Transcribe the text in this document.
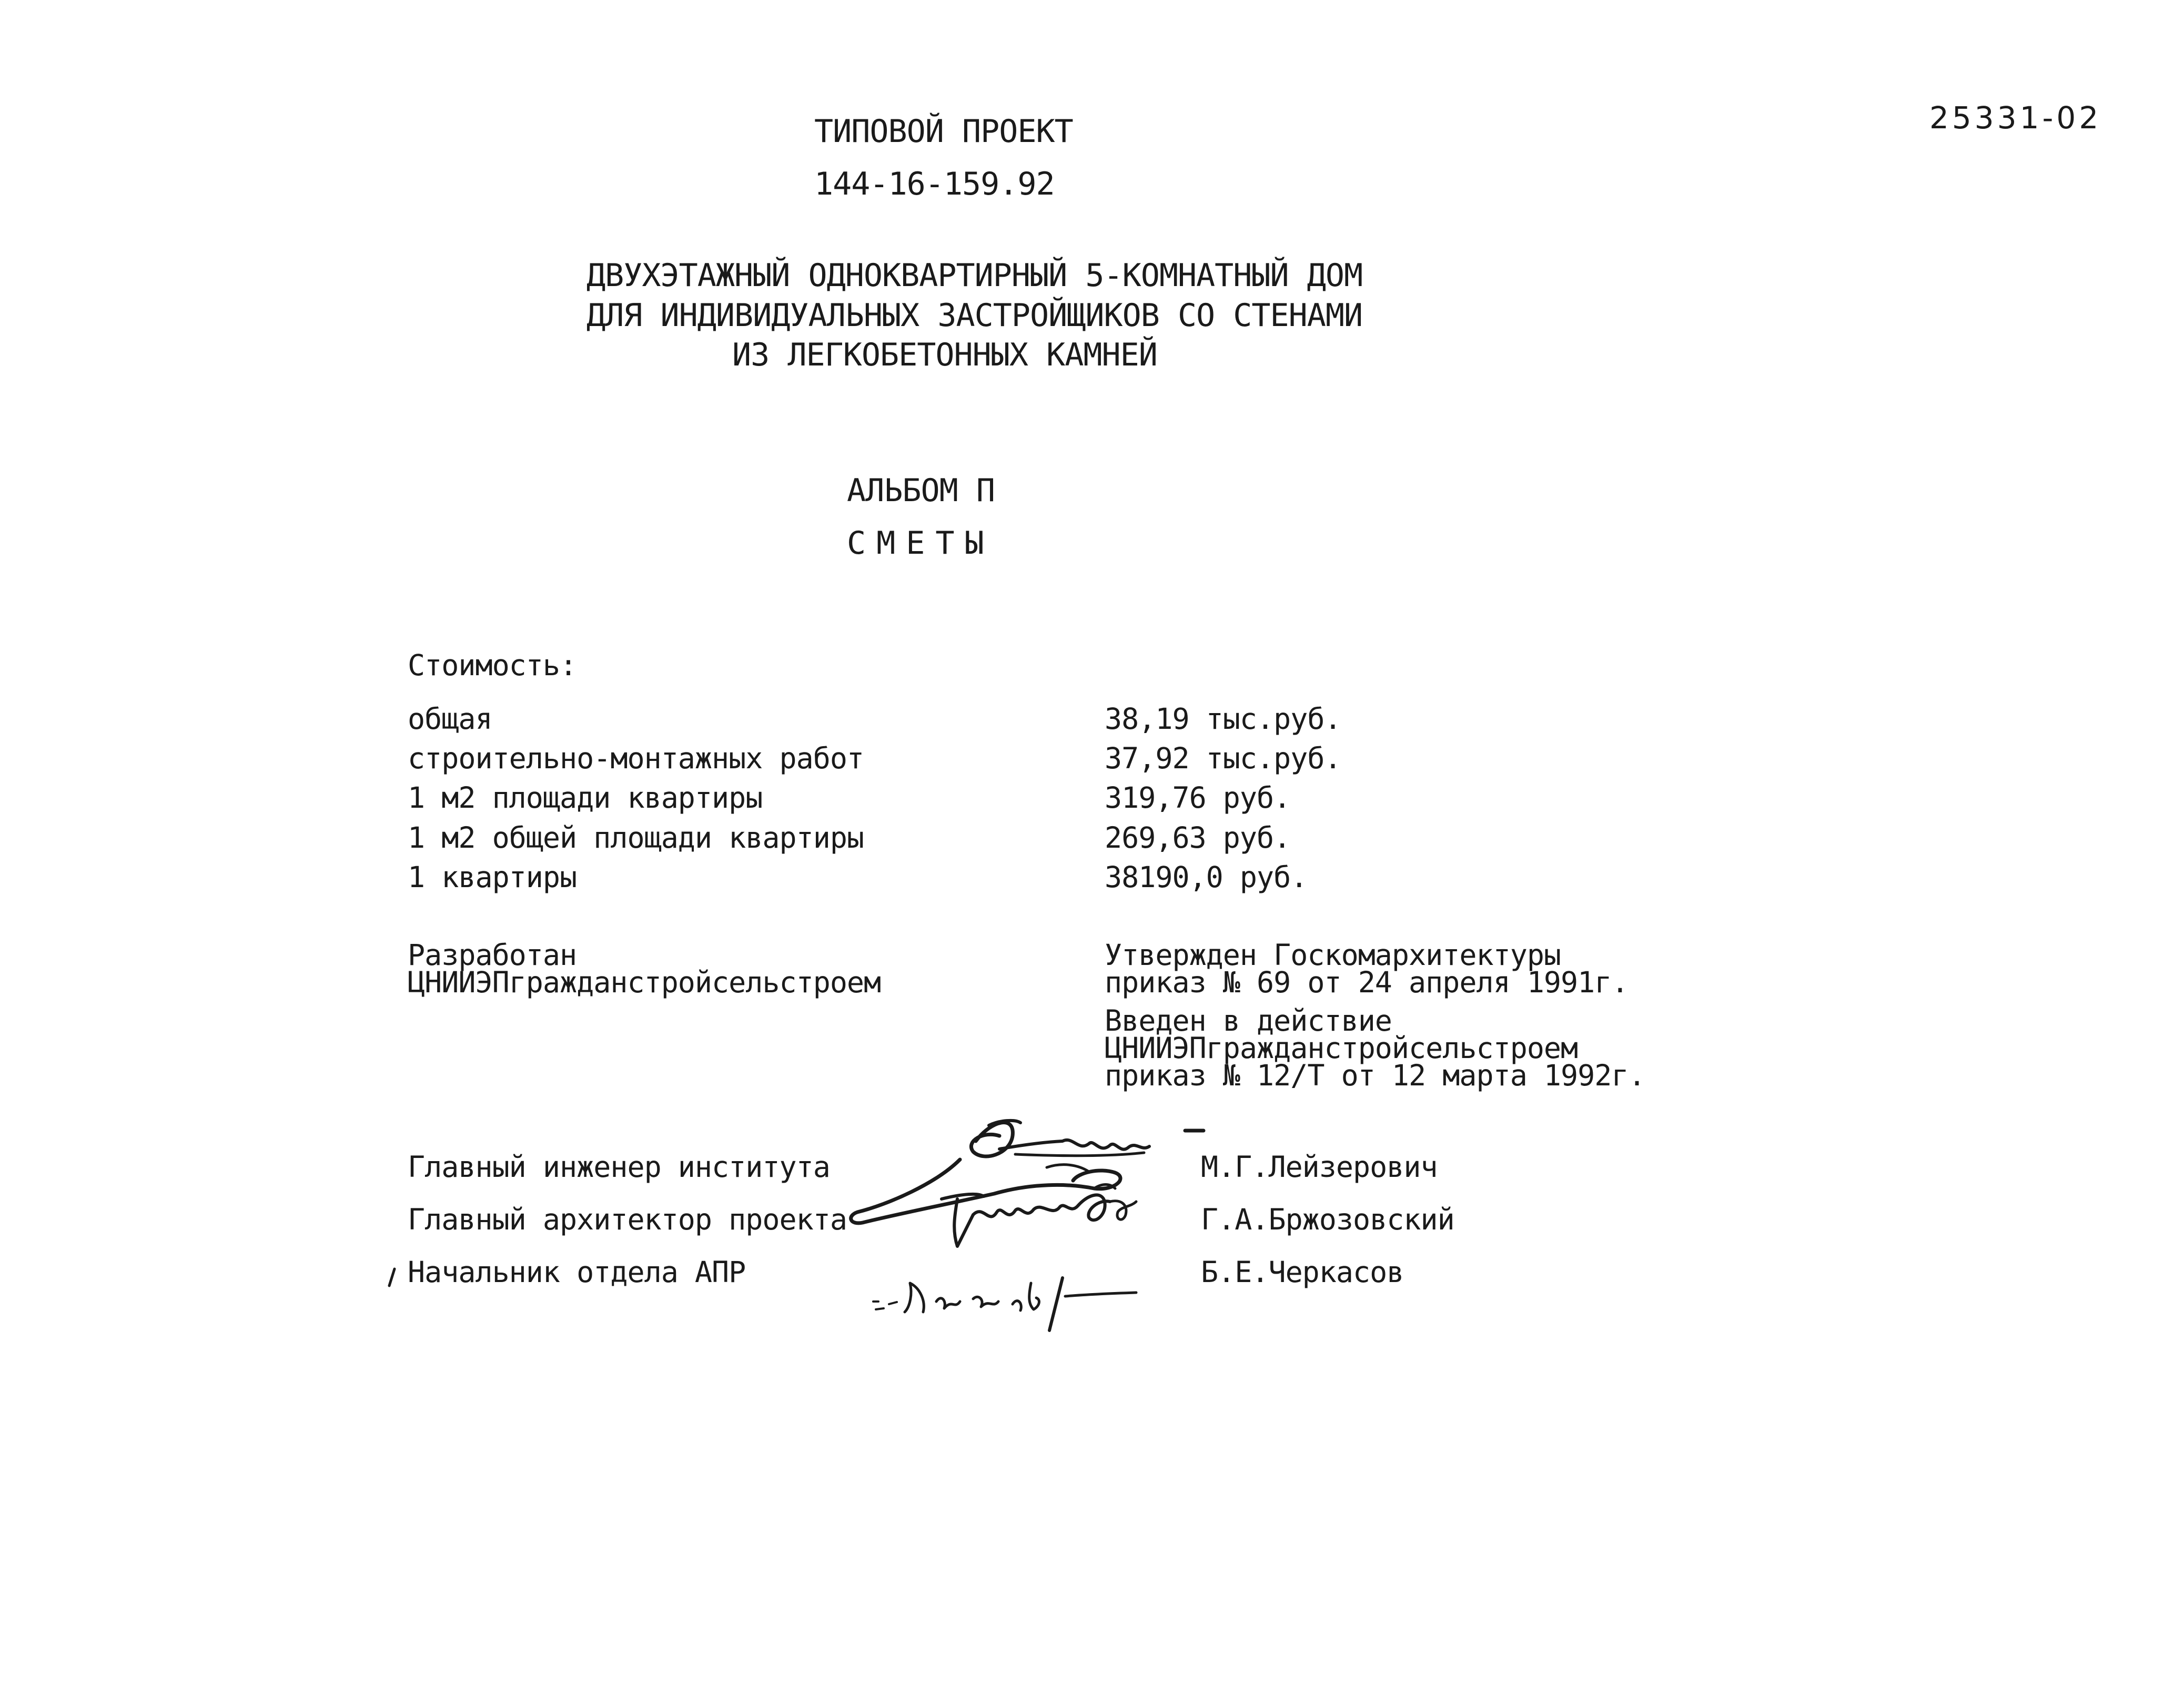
25331-02
ТИПОВОЙ ПРОЕКТ
144-16-159.92
ДВУХЭТАЖНЫЙ ОДНОКВАРТИРНЫЙ 5-КОМНАТНЫЙ ДОМ
ДЛЯ ИНДИВИДУАЛЬНЫХ ЗАСТРОЙЩИКОВ СО СТЕНАМИ
ИЗ ЛЕГКОБЕТОННЫХ КАМНЕЙ
АЛЬБОМ П
СМЕТЫ
Стоимость:
общая	38,19 тыс.руб.
строительно-монтажных работ	37,92 тыс.руб.
1 м2 площади квартиры	319,76 руб.
1 м2 общей площади квартиры	269,63 руб.
1 квартиры	38190,0 руб.
Разработан
ЦНИИЭПгражданстройсельстроем
Утвержден Госкомархитектуры
приказ № 69 от 24 апреля 1991г.
Введен в действие
ЦНИИЭПгражданстройсельстроем
приказ № 12/Т от 12 марта 1992г.
Главный инженер института	М.Г.Лейзерович
Главный архитектор проекта	Г.А.Бржозовский
Начальник отдела АПР	Б.Е.Черкасов
